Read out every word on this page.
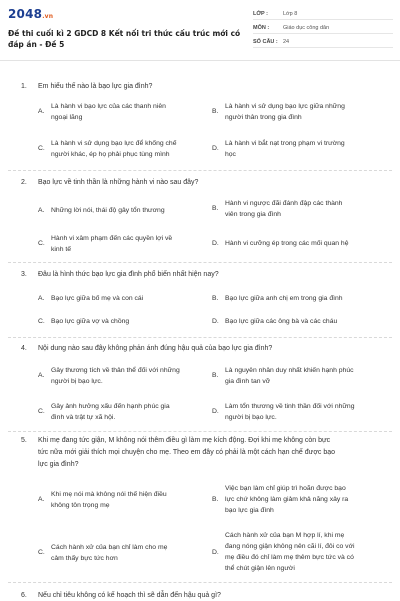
2048.vn
Đề thi cuối kì 2 GDCD 8 Kết nối tri thức cấu trúc mới có đáp án - Đề 5
LỚP :	Lớp 8
MÔN :	Giáo dục công dân
SỐ CÂU : 24
1. Em hiểu thế nào là bạo lực gia đình?
A.
Là hành vi bạo lực của các thanh niên
ngoại lăng
B.
Là hành vi sử dụng bạo lực giữa những
người thân trong gia đình
C.
Là hành vi sử dụng bạo lực để khống chế
người khác, ép họ phải phục tùng mình
D.
Là hành vi bắt nạt trong phạm vi trường
học
2. Bạo lực về tinh thần là những hành vi nào sau đây?
A. Những lời nói, thái độ gây tổn thương	B.
Hành vi ngược đãi đánh đập các thành
viên trong gia đình
C.
Hành vi xâm phạm đến các quyền lợi về
kinh tế
D. Hành vi cưỡng ép trong các mối quan hệ
3. Đâu là hình thức bạo lực gia đình phổ biến nhất hiện nay?
A. Bạo lực giữa bố mẹ và con cái	B. Bạo lực giữa anh chị em trong gia đình
C. Bạo lực giữa vợ và chồng	D. Bạo lực giữa các ông bà và các cháu
4. Nội dung nào sau đây không phản ánh đúng hậu quả của bạo lực gia đình?
A.
Gây thương tích về thân thể đối với những
người bị bạo lực.
B.
Là nguyên nhân duy nhất khiến hạnh phúc
gia đình tan vỡ
C.
Gây ảnh hưởng xấu đến hạnh phúc gia
đình và trật tự xã hội.
D.
Làm tổn thương về tinh thần đối với những
người bị bạo lực.
5. Khi mẹ đang tức giận, M không nói thêm điều gì làm mẹ kích động. Đợi khi mẹ không còn bực
tức nữa mới giải thích mọi chuyện cho mẹ. Theo em đây có phải là một cách hạn chế được bạo
lực gia đình?
A.
Khi mẹ nói mà không nói thế hiện điều
không tôn trọng mẹ
B.
Việc bạn làm chỉ giúp trì hoãn được bạo
lực chứ không làm giảm khả năng xảy ra
bạo lực gia đình
C.
Cách hành xử của bạn chỉ làm cho mẹ
cảm thấy bực tức hơn
D.
Cách hành xử của bạn M hợp lí, khi mẹ
đang nóng giận không nên cãi lí, đôi co với
mẹ điều đó chỉ làm mẹ thêm bực tức và có
thể chút giận lên người
6. Nếu chỉ tiêu không có kế hoạch thì sẽ dẫn đến hậu quả gì?
